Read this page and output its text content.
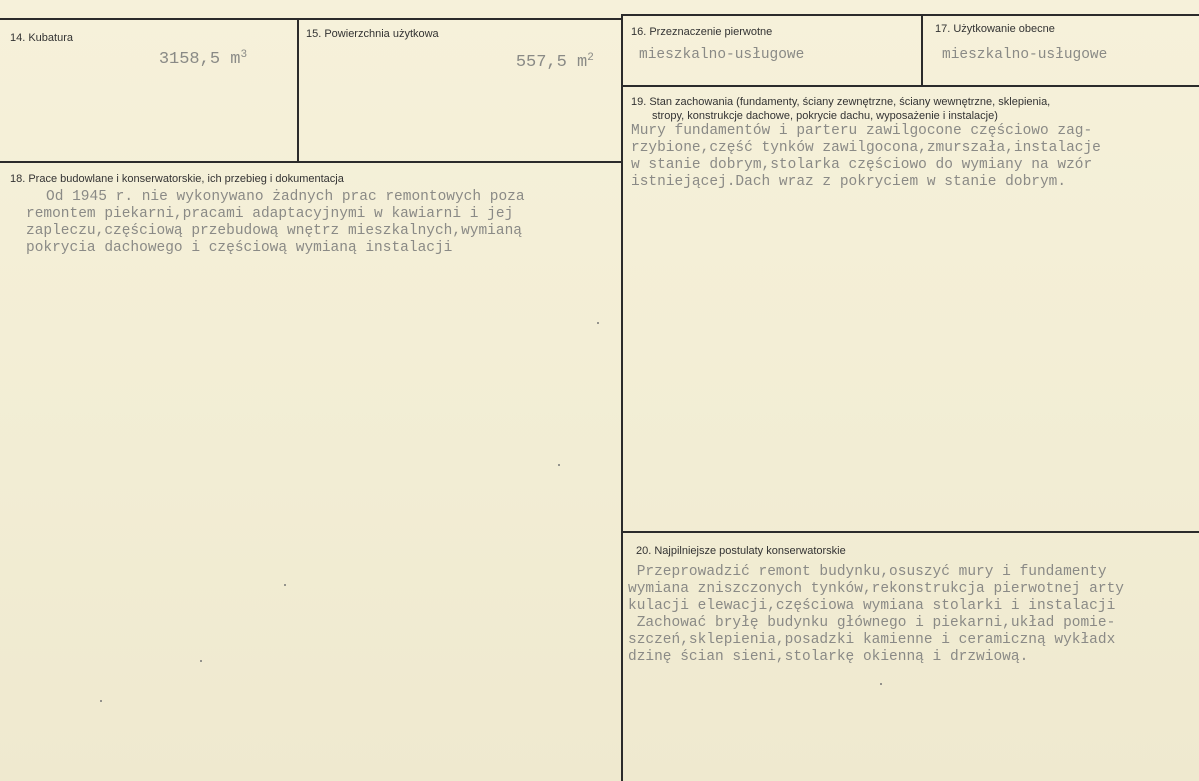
14. Kubatura

3158,5 $m^3$

15. Powierzchnia użytkowa

557,5 $m^2$

16. Przeznaczenie pierwotne
mieszkalno-usługowe
17. Użytkowanie obecne
mieszkalno-usługowe
18. Prace budowlane i konserwatorskie, ich przebieg i dokumentacja
Od 1945 r. nie wykonywano żadnych prac remontowych poza
remontem piekarni,pracami adaptacyjnymi w kawiarni i jej
zapleczu,częściową przebudową wnętrz mieszkalnych,wymianą
pokrycia dachowego i częściową wymianą instalacji
19. Stan zachowania (fundamenty, ściany zewnętrzne, ściany wewnętrzne, sklepienia,
stropy, konstrukcje dachowe, pokrycie dachu, wyposażenie i instalacje)
Mury fundamentów i parteru zawilgocone częściowo zag-
rzybione,część tynków zawilgocona,zmurszała,instalacje
w stanie dobrym,stolarka częściowo do wymiany na wzór
istniejącej.Dach wraz z pokryciem w stanie dobrym.
20. Najpilniejsze postulaty konserwatorskie
Przeprowadzić remont budynku,osuszyć mury i fundamenty
wymiana zniszczonych tynków,rekonstrukcja pierwotnej arty
kulacji elewacji,częściowa wymiana stolarki i instalacji
Zachować bryłę budynku głównego i piekarni,układ pomie-
szczeń,sklepienia,posadzki kamienne i ceramiczną wykładx
dzinę ścian sieni,stolarkę okienną i drzwiową.
